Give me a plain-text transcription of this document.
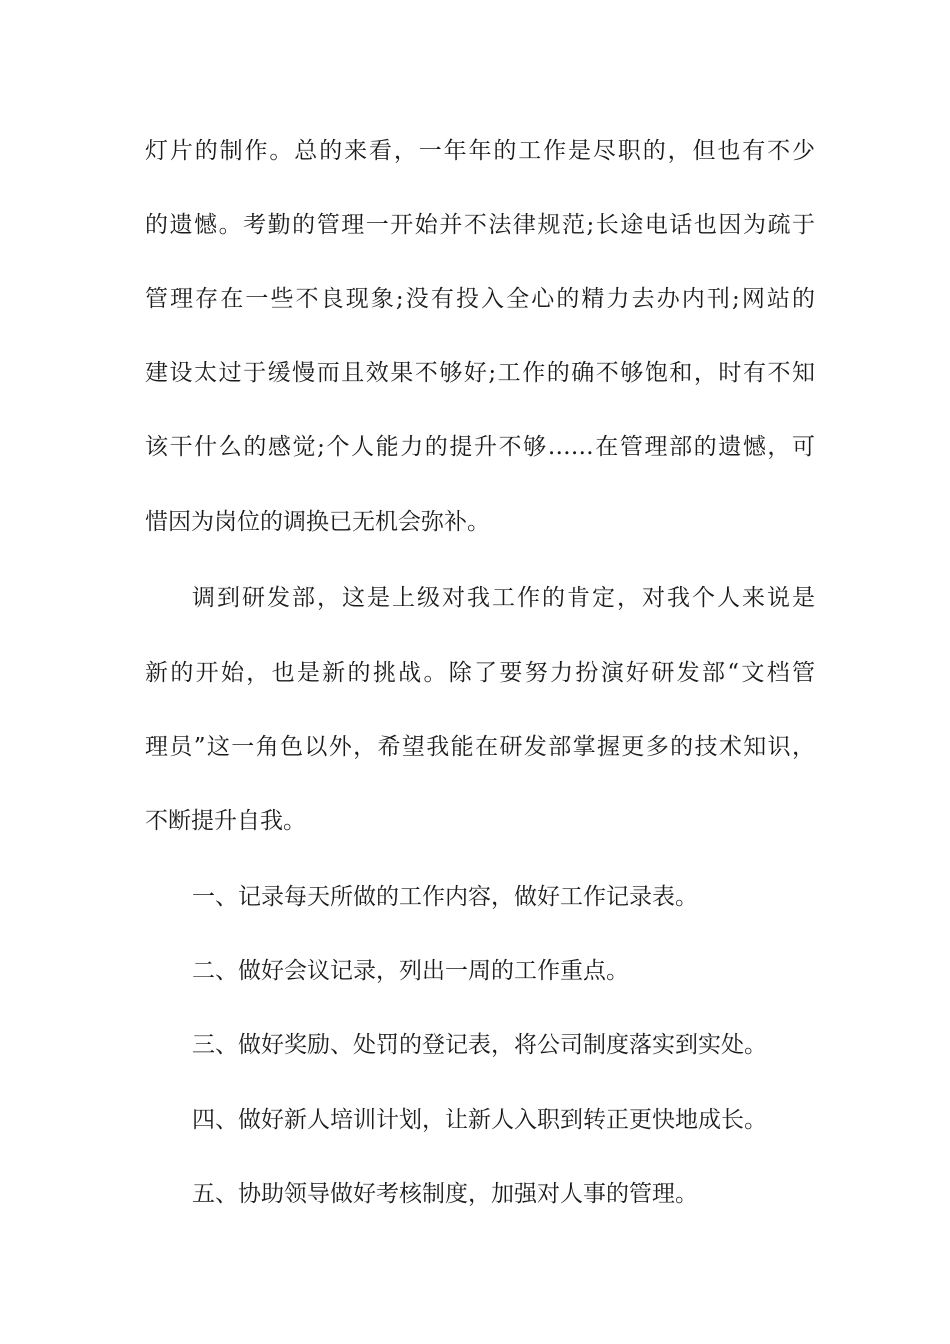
灯片的制作。总的来看，一年年的工作是尽职的，但也有不少
的遗憾。考勤的管理一开始并不法律规范;长途电话也因为疏于
管理存在一些不良现象;没有投入全心的精力去办内刊;网站的
建设太过于缓慢而且效果不够好;工作的确不够饱和，时有不知
该干什么的感觉;个人能力的提升不够……在管理部的遗憾，可
惜因为岗位的调换已无机会弥补。
调到研发部，这是上级对我工作的肯定，对我个人来说是
新的开始，也是新的挑战。除了要努力扮演好研发部“文档管
理员”这一角色以外，希望我能在研发部掌握更多的技术知识，
不断提升自我。
一、记录每天所做的工作内容，做好工作记录表。
二、做好会议记录，列出一周的工作重点。
三、做好奖励、处罚的登记表，将公司制度落实到实处。
四、做好新人培训计划，让新人入职到转正更快地成长。
五、协助领导做好考核制度，加强对人事的管理。
